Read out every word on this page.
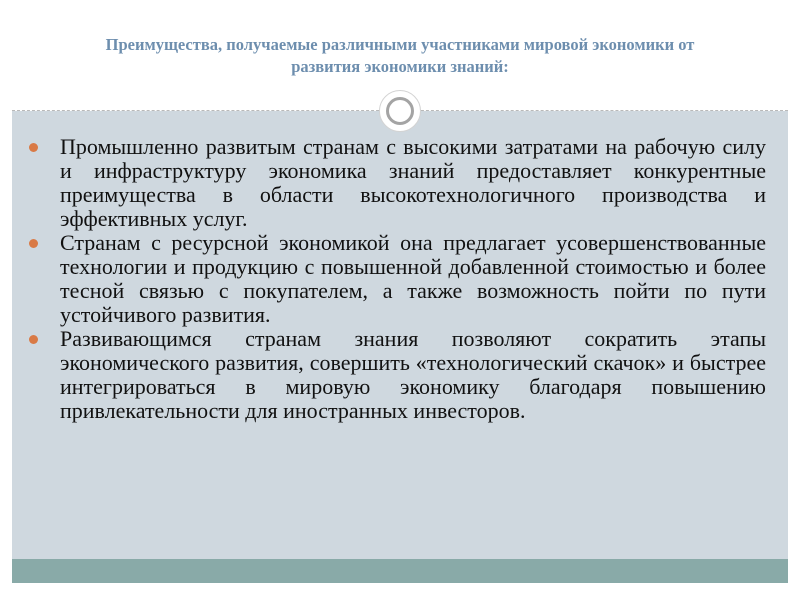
Преимущества, получаемые различными участниками мировой экономики от развития экономики знаний:
Промышленно развитым странам с высокими затратами на рабочую силу и инфраструктуру экономика знаний предоставляет конкурентные преимущества в области высокотехнологичного производства и эффективных услуг.
Странам с ресурсной экономикой она предлагает усовершенствованные технологии и продукцию с повышенной добавленной стоимостью и более тесной связью с покупателем, а также возможность пойти по пути устойчивого развития.
Развивающимся странам знания позволяют сократить этапы экономического развития, совершить «технологический скачок» и быстрее интегрироваться в мировую экономику благодаря повышению привлекательности для иностранных инвесторов.
